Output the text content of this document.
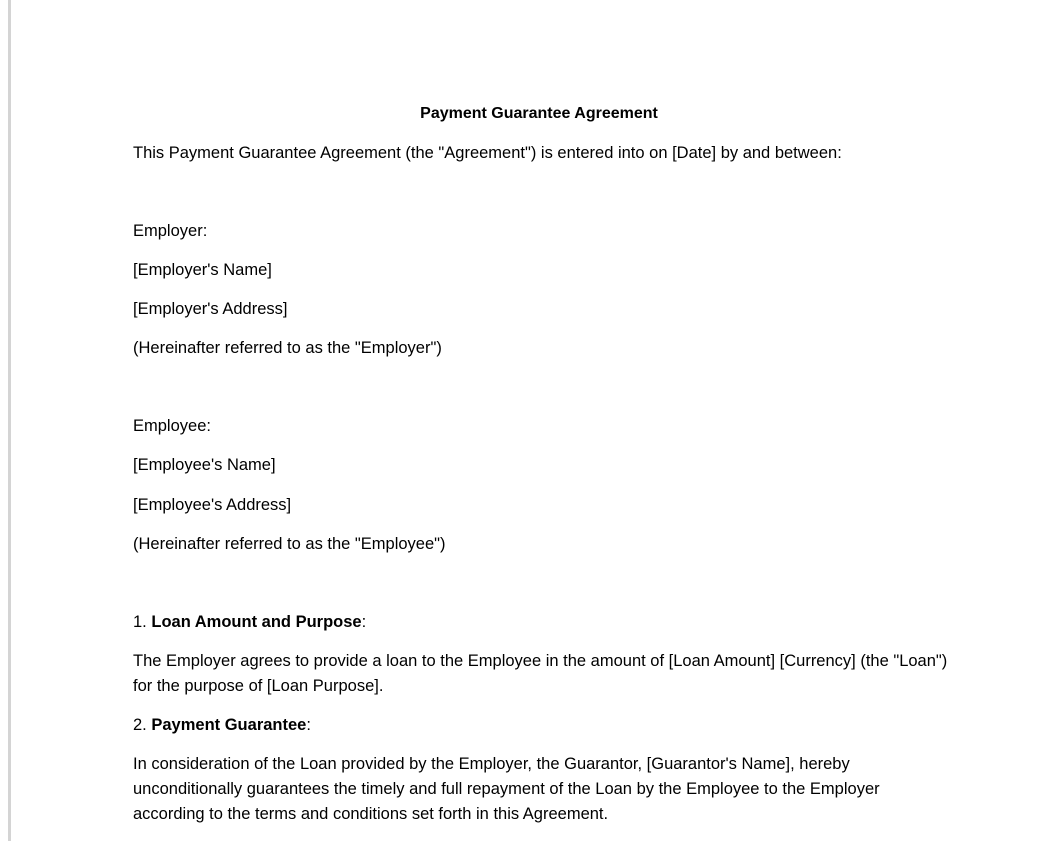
Payment Guarantee Agreement

This Payment Guarantee Agreement (the "Agreement") is entered into on [Date] by and between:

Employer:

[Employer's Name]

[Employer's Address]

(Hereinafter referred to as the "Employer")

Employee:

[Employee's Name]

[Employee's Address]

(Hereinafter referred to as the "Employee")

1. Loan Amount and Purpose:

The Employer agrees to provide a loan to the Employee in the amount of [Loan Amount] [Currency] (the "Loan") for the purpose of [Loan Purpose].

2. Payment Guarantee:

In consideration of the Loan provided by the Employer, the Guarantor, [Guarantor's Name], hereby unconditionally guarantees the timely and full repayment of the Loan by the Employee to the Employer according to the terms and conditions set forth in this Agreement.
